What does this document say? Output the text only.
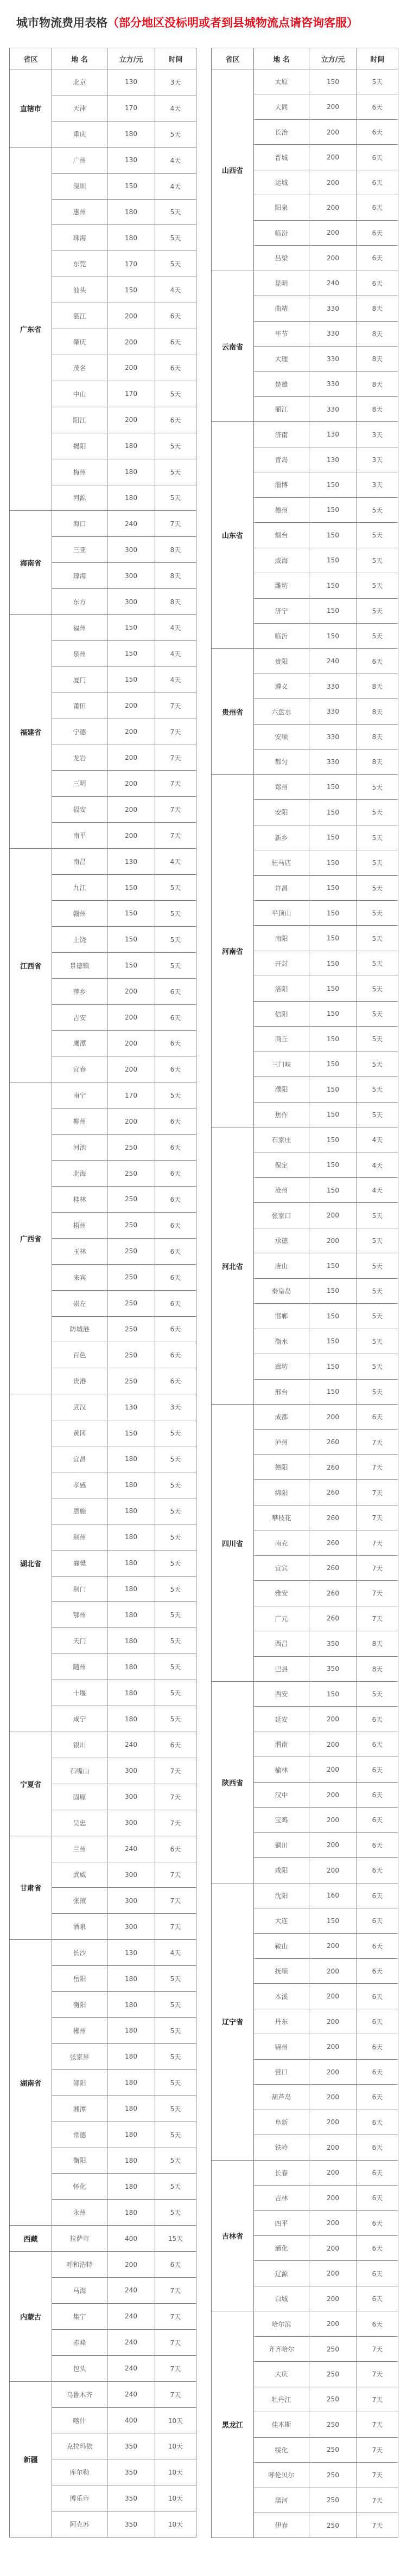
城市物流费用表格（部分地区没标明或者到县城物流点请咨询客服）
省区	地 名	立方/元	时间
直辖市	北京	130	3天
	天津	170	4天
	重庆	180	5天
广东省	广州	130	4天
	深圳	150	4天
	惠州	180	5天
	珠海	180	5天
	东莞	170	5天
	汕头	150	4天
	湛江	200	6天
	肇庆	200	6天
	茂名	200	6天
	中山	170	5天
	阳江	200	6天
	揭阳	180	5天
	梅州	180	5天
	河源	180	5天
海南省	海口	240	7天
	三亚	300	8天
	琼海	300	8天
	东方	300	8天
福建省	福州	150	4天
	泉州	150	4天
	厦门	150	4天
	莆田	200	7天
	宁德	200	7天
	龙岩	200	7天
	三明	200	7天
	福安	200	7天
	南平	200	7天
江西省	南昌	130	4天
	九江	150	5天
	赣州	150	5天
	上饶	150	5天
	景德镇	150	5天
	萍乡	200	6天
	吉安	200	6天
	鹰潭	200	6天
	宜春	200	6天
广西省	南宁	170	5天
	柳州	200	6天
	河池	250	6天
	北海	250	6天
	桂林	250	6天
	梧州	250	6天
	玉林	250	6天
	来宾	250	6天
	崇左	250	6天
	防城港	250	6天
	百色	250	6天
	贵港	250	6天
湖北省	武汉	130	3天
	黄冈	150	5天
	宜昌	180	5天
	孝感	180	5天
	恩施	180	5天
	荆州	180	5天
	襄樊	180	5天
	荆门	180	5天
	鄂州	180	5天
	天门	180	5天
	随州	180	5天
	十堰	180	5天
	咸宁	180	5天
宁夏省	银川	240	6天
	石嘴山	300	7天
	固原	300	7天
	吴忠	300	7天
甘肃省	兰州	240	6天
	武威	300	7天
	张掖	300	7天
	酒泉	300	7天
湖南省	长沙	130	4天
	岳阳	180	5天
	衡阳	180	5天
	郴州	180	5天
	张家界	180	5天
	邵阳	180	5天
	湘潭	180	5天
	常德	180	5天
	衡阳	180	5天
	怀化	180	5天
	永州	180	5天
西藏	拉萨市	400	15天
内蒙古	呼和浩特	200	6天
	马海	240	7天
	集宁	240	7天
	赤峰	240	7天
	包头	240	7天
新疆	乌鲁木齐	240	7天
	喀什	400	10天
	克拉玛依	350	10天
	库尔勒	350	10天
	博乐市	350	10天
	阿克苏	350	10天
省区	地 名	立方/元	时间
山西省	太原	150	5天
	大同	200	6天
	长治	200	6天
	晋城	200	6天
	运城	200	6天
	阳泉	200	6天
	临汾	200	6天
	吕梁	200	6天
云南省	昆明	240	6天
	曲靖	330	8天
	毕节	330	8天
	大理	330	8天
	楚雄	330	8天
	丽江	330	8天
山东省	济南	130	3天
	青岛	130	3天
	淄博	150	3天
	德州	150	5天
	烟台	150	5天
	威海	150	5天
	潍坊	150	5天
	济宁	150	5天
	临沂	150	5天
贵州省	贵阳	240	6天
	遵义	330	8天
	六盘水	330	8天
	安顺	330	8天
	都匀	330	8天
河南省	郑州	150	5天
	安阳	150	5天
	新乡	150	5天
	驻马店	150	5天
	许昌	150	5天
	平顶山	150	5天
	南阳	150	5天
	开封	150	5天
	洛阳	150	5天
	信阳	150	5天
	商丘	150	5天
	三门峡	150	5天
	濮阳	150	5天
	焦作	150	5天
河北省	石家庄	150	4天
	保定	150	4天
	沧州	150	4天
	张家口	200	5天
	承德	200	5天
	唐山	150	5天
	秦皇岛	150	5天
	邯郸	150	5天
	衡水	150	5天
	廊坊	150	5天
	邢台	150	5天
四川省	成都	200	6天
	泸州	260	7天
	德阳	260	7天
	绵阳	260	7天
	攀枝花	260	7天
	南充	260	7天
	宜宾	260	7天
	雅安	260	7天
	广元	260	7天
	西昌	350	8天
	巴县	350	8天
陕西省	西安	150	5天
	延安	200	6天
	渭南	200	6天
	榆林	200	6天
	汉中	200	6天
	宝鸡	200	6天
	铜川	200	6天
	咸阳	200	6天
辽宁省	沈阳	160	6天
	大连	150	6天
	鞍山	200	6天
	抚顺	200	6天
	本溪	200	6天
	丹东	200	6天
	锦州	200	6天
	营口	200	6天
	葫芦岛	200	6天
	阜新	200	6天
	铁岭	200	6天
吉林省	长春	200	6天
	吉林	200	6天
	四平	200	6天
	通化	200	6天
	辽源	200	6天
	白城	200	6天
黑龙江	哈尔滨	200	6天
	齐齐哈尔	250	7天
	大庆	250	7天
	牡丹江	250	7天
	佳木斯	250	7天
	绥化	250	7天
	呼伦贝尔	250	7天
	黑河	250	7天
	伊春	250	7天
